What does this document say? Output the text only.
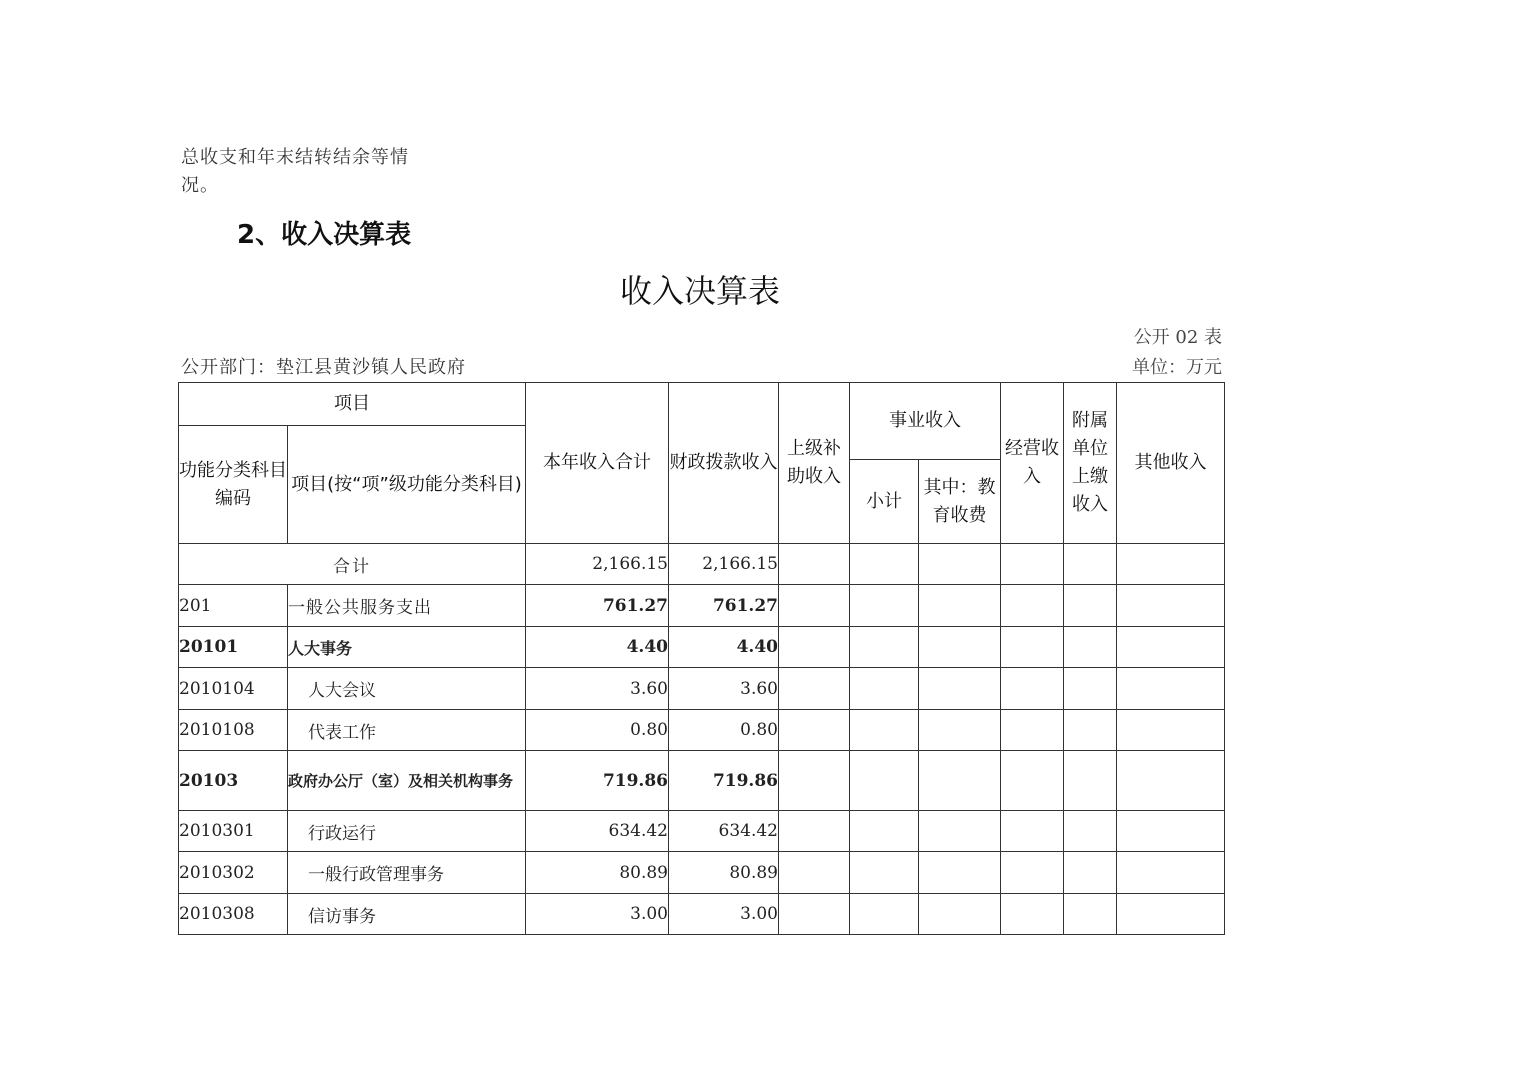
总收支和年末结转结余等情
况。
2、收入决算表
收入决算表
公开 02 表
公开部门：垫江县黄沙镇人民政府	单位：万元
项目		本年收入合计	财政拨款收入	上级补助收入	事业收入		经营收入	附属单位上缴收入	其他收入
功能分类科目编码	项目(按“项”级功能分类科目)								
					小计	其中：教育收费			
合计		2,166.15	2,166.15						
201	一般公共服务支出	761.27	761.27						
20101	人大事务	4.40	4.40						
2010104	人大会议	3.60	3.60						
2010108	代表工作	0.80	0.80						
20103	政府办公厅（室）及相关机构事务	719.86	719.86						
2010301	行政运行	634.42	634.42						
2010302	一般行政管理事务	80.89	80.89						
2010308	信访事务	3.00	3.00						
